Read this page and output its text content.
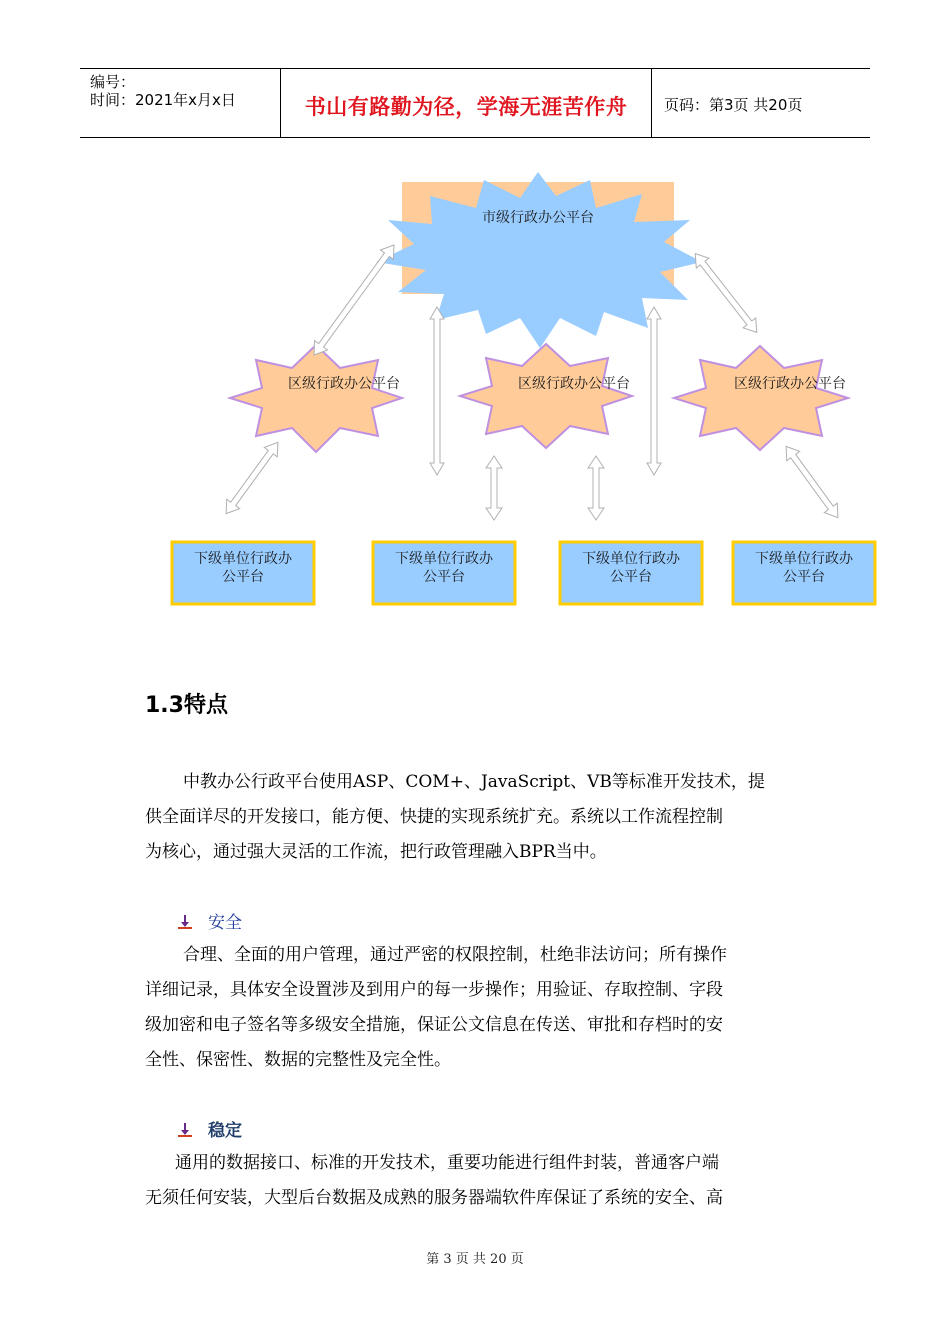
编号：
时间：2021年x月x日	书山有路勤为径，学海无涯苦作舟	页码：第3页 共20页
市级行政办公平台
区级行政办公平台	区级行政办公平台	区级行政办公平台
下级单位行政办
公平台
下级单位行政办
公平台
下级单位行政办
公平台
下级单位行政办
公平台
1.3特点

中教办公行政平台使用ASP、COM+、JavaScript、VB等标准开发技术，提

供全面详尽的开发接口，能方便、快捷的实现系统扩充。系统以工作流程控制

为核心，通过强大灵活的工作流，把行政管理融入BPR当中。

安全

合理、全面的用户管理，通过严密的权限控制，杜绝非法访问；所有操作

详细记录，具体安全设置涉及到用户的每一步操作；用验证、存取控制、字段

级加密和电子签名等多级安全措施，保证公文信息在传送、审批和存档时的安

全性、保密性、数据的完整性及完全性。

稳定

通用的数据接口、标准的开发技术，重要功能进行组件封装，普通客户端

无须任何安装，大型后台数据及成熟的服务器端软件库保证了系统的安全、高

第 3 页 共 20 页
